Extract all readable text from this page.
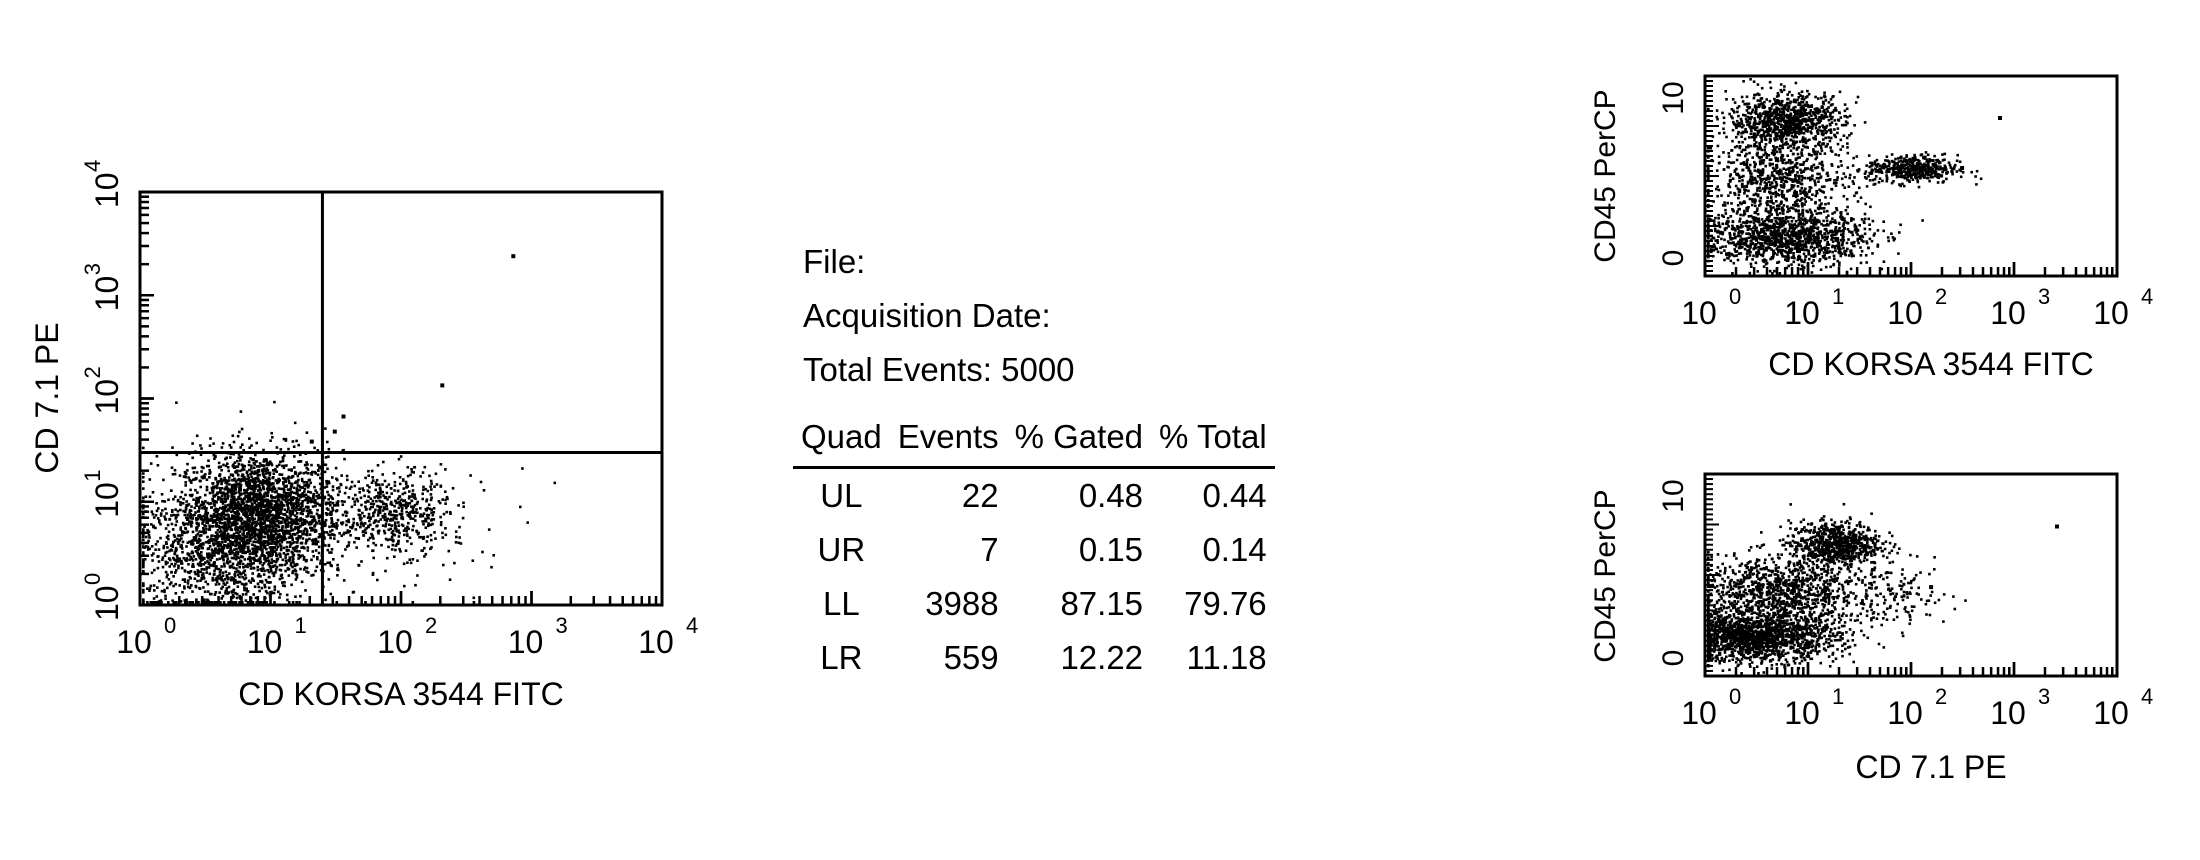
10 0 10 1 10 2 10 3 10 4
10
0
10
1
10
2
10
3
10
4
CD KORSA 3544 FITC
CD 7.1 PE
File:
Acquisition Date:
Total Events: 5000
Quad	Events	% Gated	% Total
UL	22	0.48	0.44
UR	7	0.15	0.14
LL	3988	87.15	79.76
LR	559	12.22	11.18
10 0 10 1 10 2 10 3 10 4
0
10
CD KORSA 3544 FITC
CD45 PerCP
10 0 10 1 10 2 10 3 10 4
0
10
CD 7.1 PE
CD45 PerCP
